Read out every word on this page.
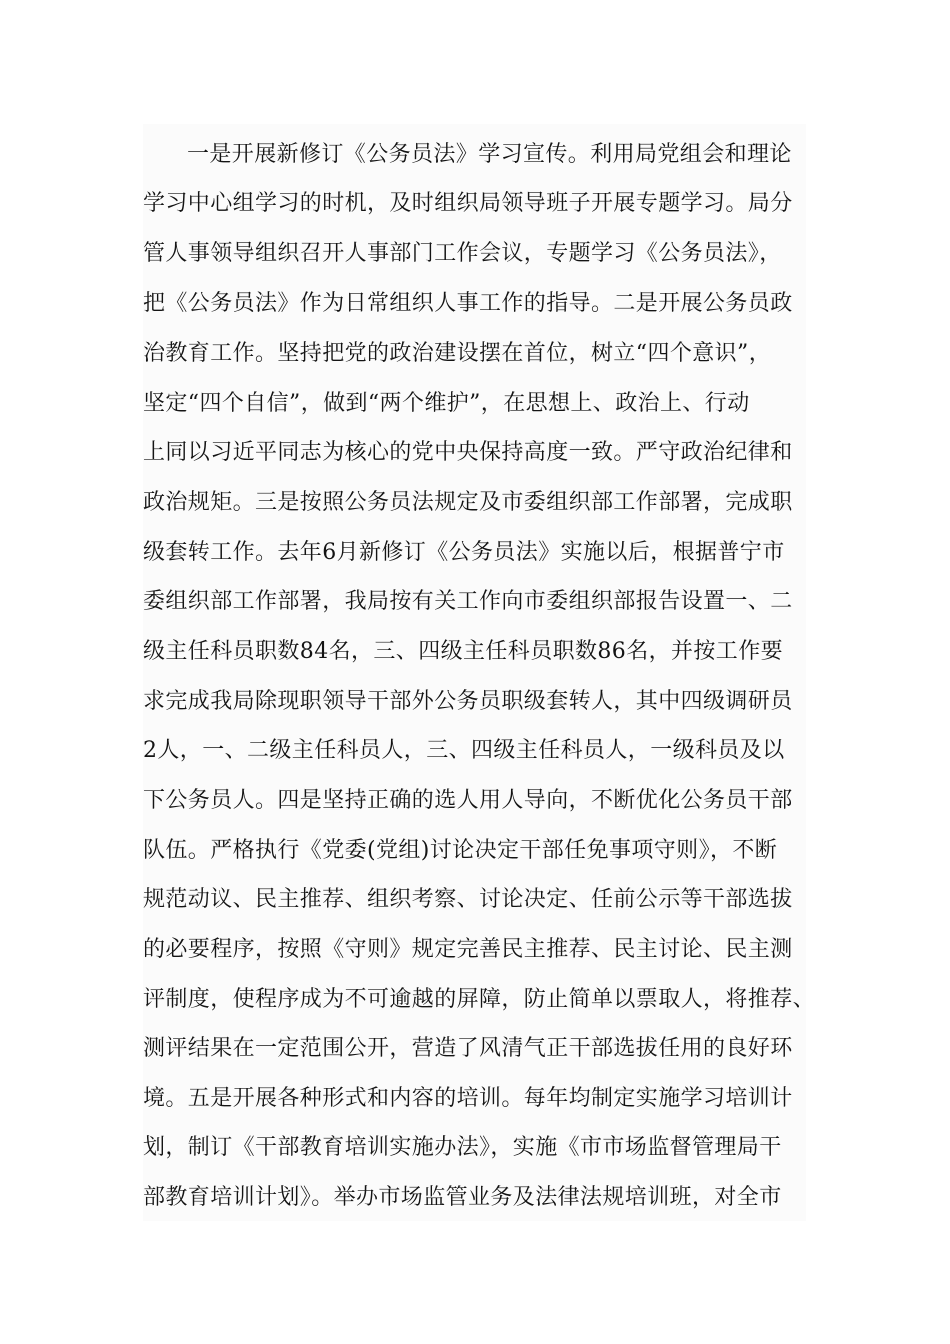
一是开展新修订《公务员法》学习宣传。利用局党组会和理论
学习中心组学习的时机，及时组织局领导班子开展专题学习。局分
管人事领导组织召开人事部门工作会议，专题学习《公务员法》，
把《公务员法》作为日常组织人事工作的指导。二是开展公务员政
治教育工作。坚持把党的政治建设摆在首位，树立“四个意识”，
坚定“四个自信”，做到“两个维护”，在思想上、政治上、行动
上同以习近平同志为核心的党中央保持高度一致。严守政治纪律和
政治规矩。三是按照公务员法规定及市委组织部工作部署，完成职
级套转工作。去年6月新修订《公务员法》实施以后，根据普宁市
委组织部工作部署，我局按有关工作向市委组织部报告设置一、二
级主任科员职数84名，三、四级主任科员职数86名，并按工作要
求完成我局除现职领导干部外公务员职级套转人，其中四级调研员
2人，一、二级主任科员人，三、四级主任科员人，一级科员及以
下公务员人。四是坚持正确的选人用人导向，不断优化公务员干部
队伍。严格执行《党委(党组)讨论决定干部任免事项守则》，不断
规范动议、民主推荐、组织考察、讨论决定、任前公示等干部选拔
的必要程序，按照《守则》规定完善民主推荐、民主讨论、民主测
评制度，使程序成为不可逾越的屏障，防止简单以票取人，将推荐、
测评结果在一定范围公开，营造了风清气正干部选拔任用的良好环
境。五是开展各种形式和内容的培训。每年均制定实施学习培训计
划，制订《干部教育培训实施办法》，实施《市市场监督管理局干
部教育培训计划》。举办市场监管业务及法律法规培训班，对全市
